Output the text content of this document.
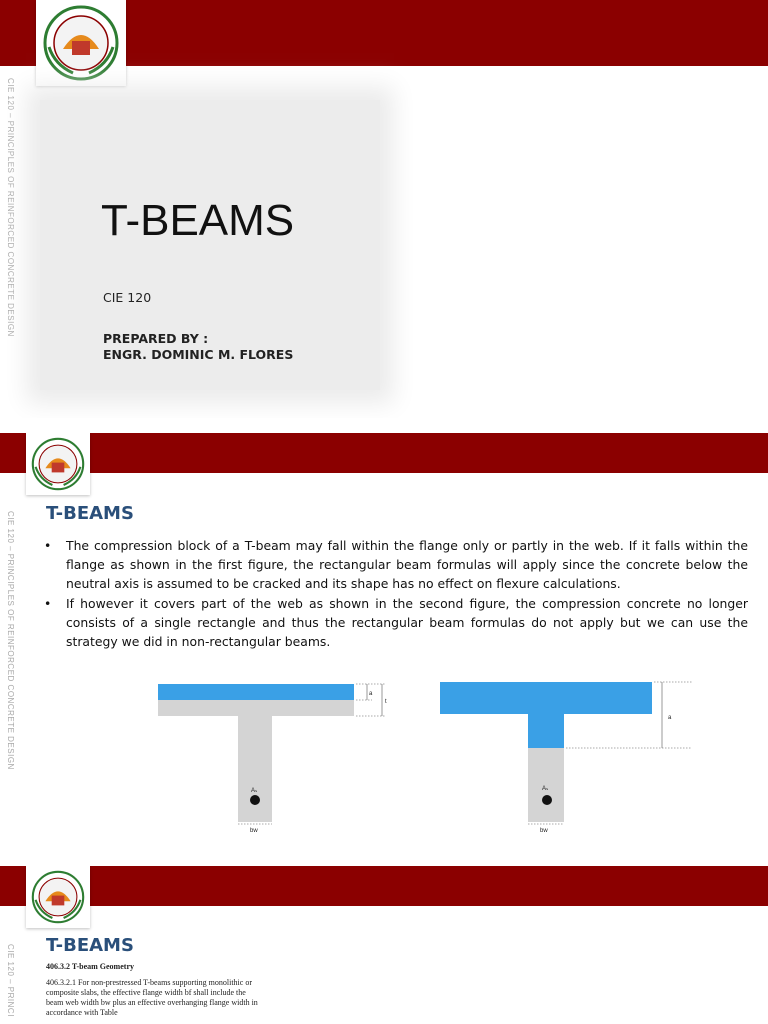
CIE 120 – PRINCIPLES OF REINFORCED CONCRETE DESIGN T-BEAMS
CIE 120
PREPARED BY :
ENGR. DOMINIC M. FLORES
CIE 120 – PRINCIPLES OF REINFORCED CONCRETE DESIGN T-BEAMS
• The compression block of a T-beam may fall within the flange only or partly in the web. If it falls within the flange as shown in the first figure, the rectangular beam formulas will apply since the concrete below the neutral axis is assumed to be cracked and its shape has no effect on flexure calculations.
• If however it covers part of the web as shown in the second figure, the compression concrete no longer consists of a single rectangle and thus the rectangular beam formulas do not apply but we can use the strategy we did in non-rectangular beams.
a
t
Aₛ
bw
a
Aₛ
bw
CIE 120 – PRINCI T-BEAMS
406.3.2 T-beam Geometry
406.3.2.1 For non-prestressed T-beams supporting monolithic or composite slabs, the effective flange width bf shall include the beam web width bw plus an effective overhanging flange width in accordance with Table
